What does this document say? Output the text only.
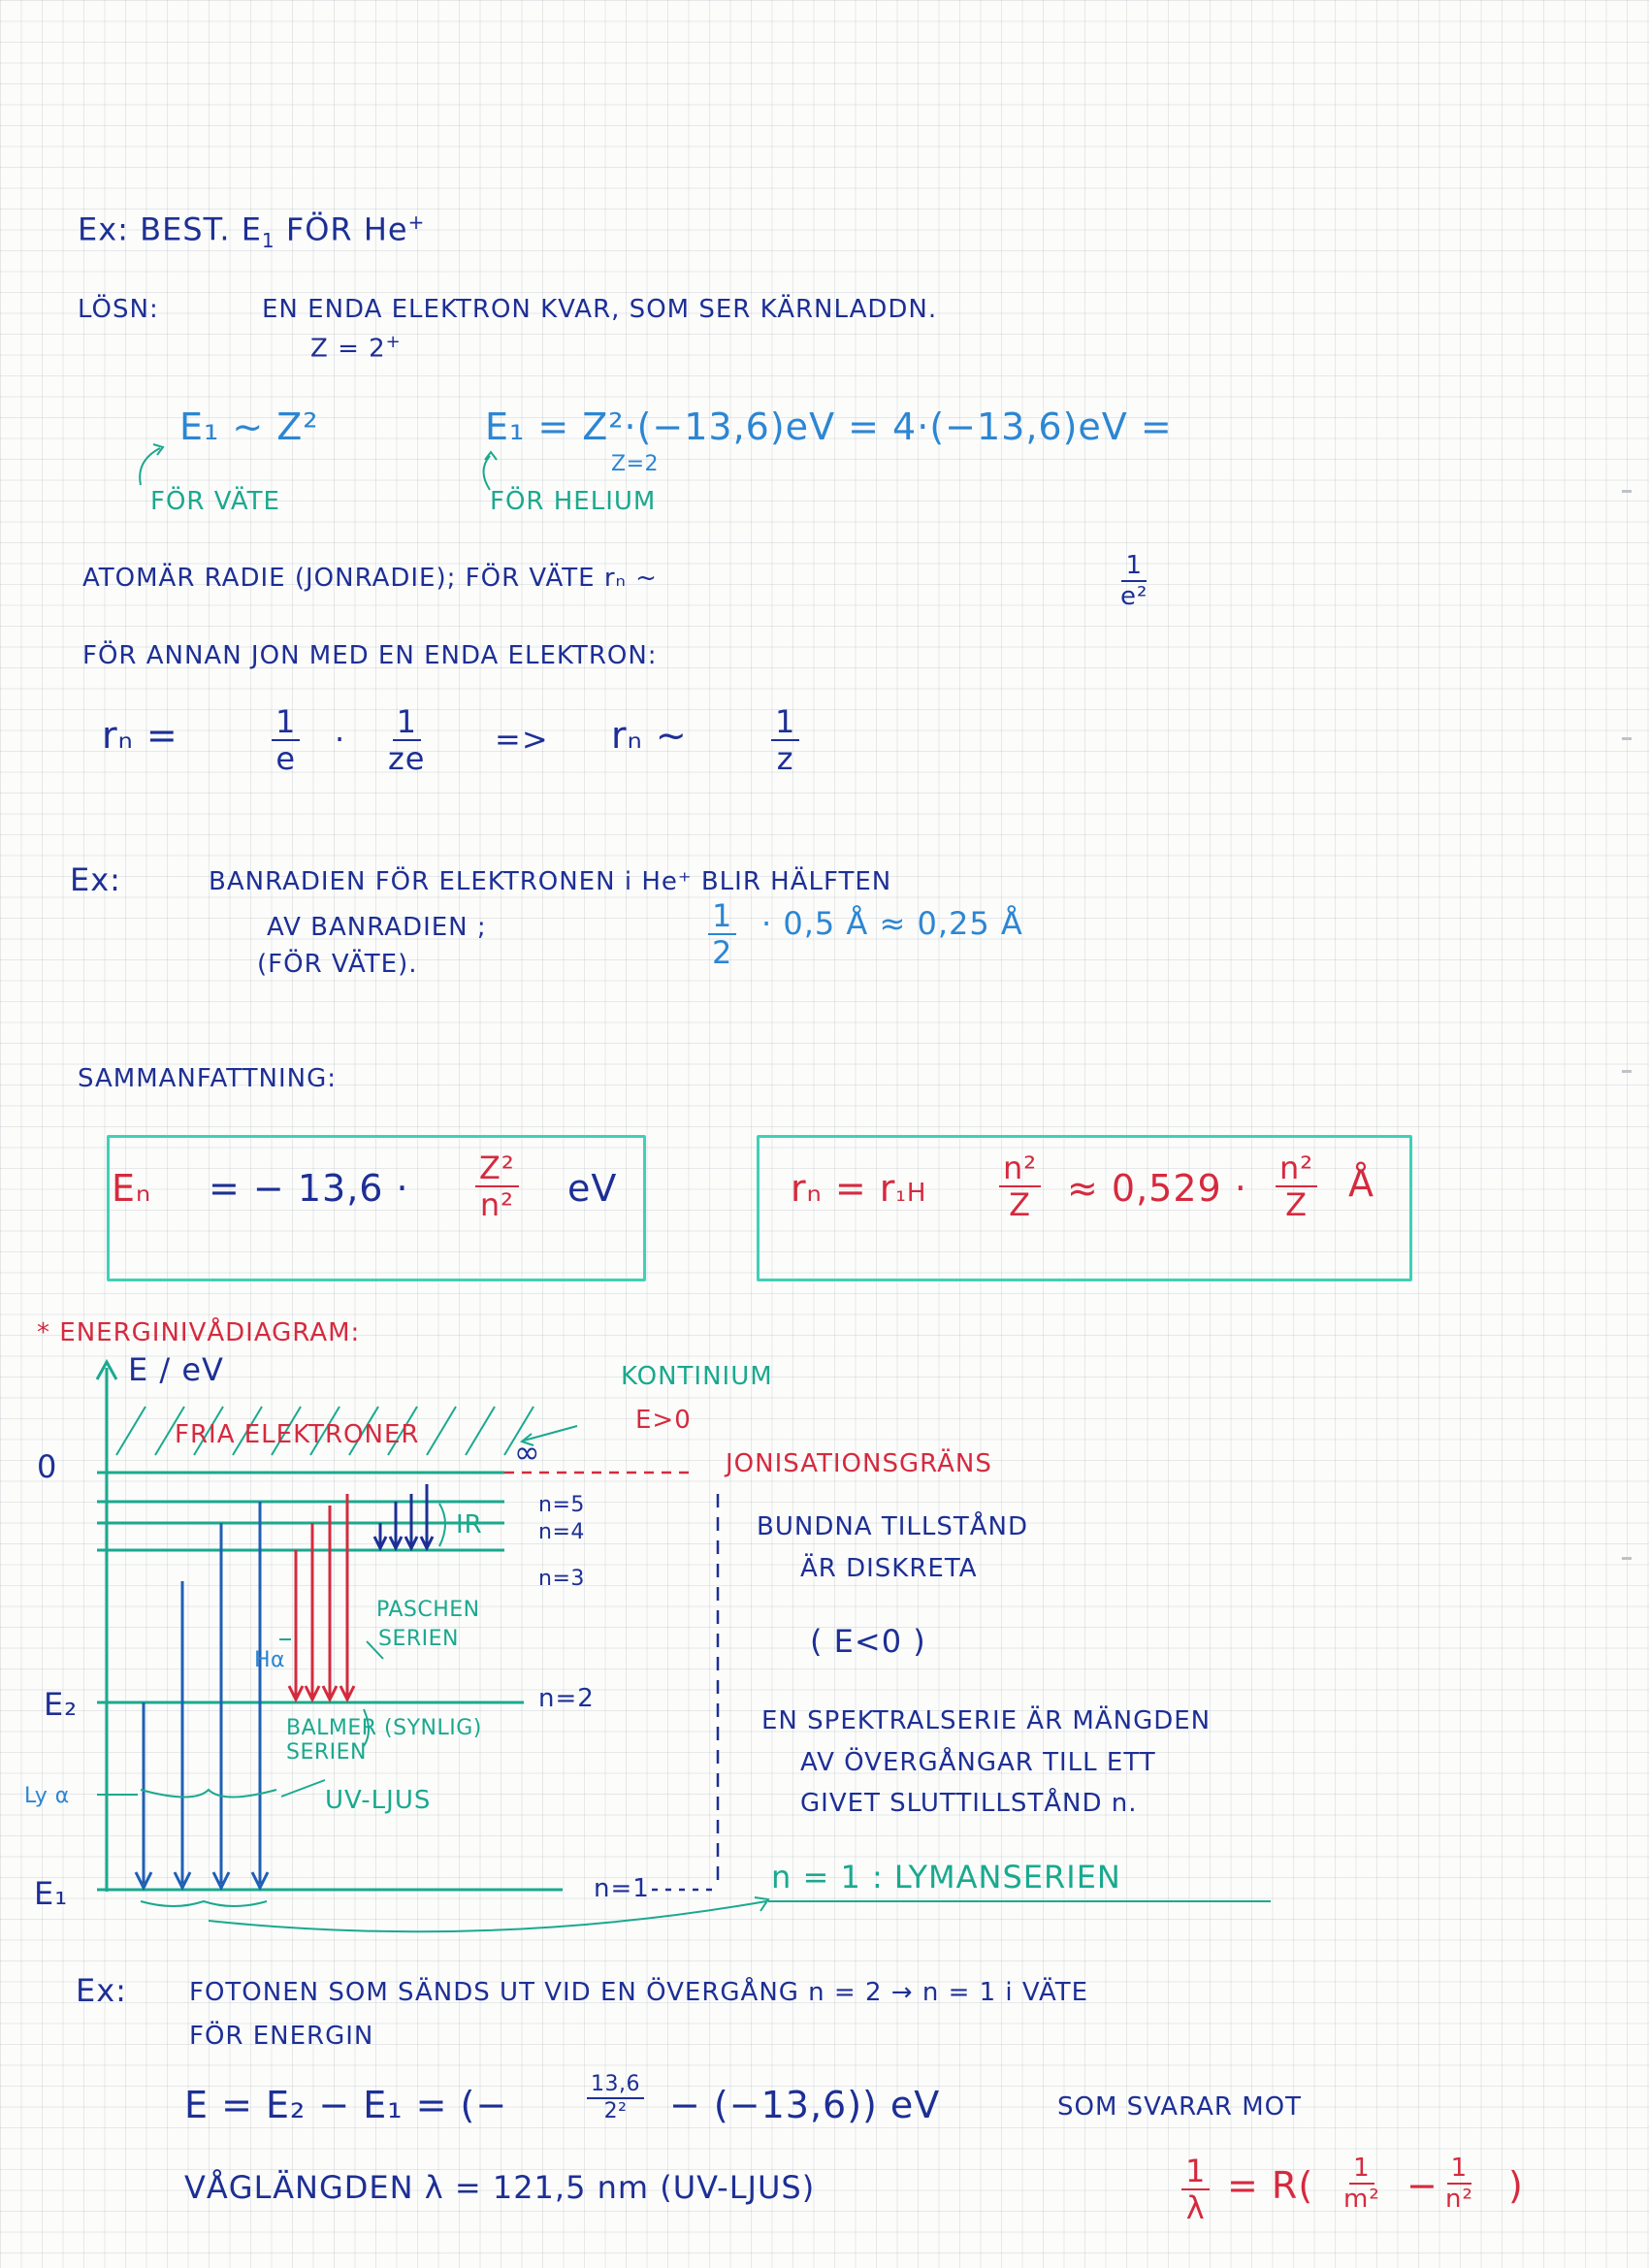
Ex: BEST. $E_1$ FÖR He+
LÖSN:	EN ENDA ELEKTRON KVAR, SOM SER KÄRNLADDN.
Z = 2+
E₁ ~ Z²
FÖR VÄTE
E₁ = Z²·(−13,6)eV = 4·(−13,6)eV =
Z=2
FÖR HELIUM
ATOMÄR RADIE (JONRADIE); FÖR VÄTE rₙ ~	$\frac{1}{\text{e²}}$
FÖR ANNAN JON MED EN ENDA ELEKTRON:
rₙ =	$\frac{1}{e} \cdot \frac{1}{ze} => r_n$ ~	$\frac{1}{z}$
Ex:	BANRADIEN FÖR ELEKTRONEN i He⁺ BLIR HÄLFTEN
AV BANRADIEN ;
(FÖR VÄTE).	$\frac{1}{2} \cdot 0,5$ Å ≈ 0,25 Å
SAMMANFATTNING:
Eₙ = − $13,6 \cdot \frac{\text{Z²}}{\text{n²}}$ eV	$r_n = r_1H \frac{\text{n²}}{Z} \approx 0,529 \cdot \frac{\text{n²}}{Z}$ Å
* ENERGINIVÅDIAGRAM:
E / eV
0
E₂
E₁
Ly α
Hα
FRIA ELEKTRONER
KONTINIUM
E>0
∞	JONISATIONSGRÄNS
n=5
n=4
n=3
n=2
n=1
IR
PASCHEN
SERIEN
BALMER (SYNLIG)
SERIEN
UV-LJUS
BUNDNA TILLSTÅND
ÄR DISKRETA
( E<0 )
EN SPEKTRALSERIE ÄR MÄNGDEN
AV ÖVERGÅNGAR TILL ETT
GIVET SLUTTILLSTÅND n.
n = 1 : LYMANSERIEN
Ex: FOTONEN SOM SÄNDS UT VID EN ÖVERGÅNG n = 2 → n = 1 i VÄTE
FÖR ENERGIN
E = E₂ − E₁ = (−	$\frac{13,6}{\text{2²}} - (-13,6)$) eV	SOM SVARAR MOT
VÅGLÄNGDEN λ = 121,5 nm (UV-LJUS)	$\frac{1}{\lambda} = R( \frac{1}{\text{m²}} - \frac{1}{\text{n²}}$ )
